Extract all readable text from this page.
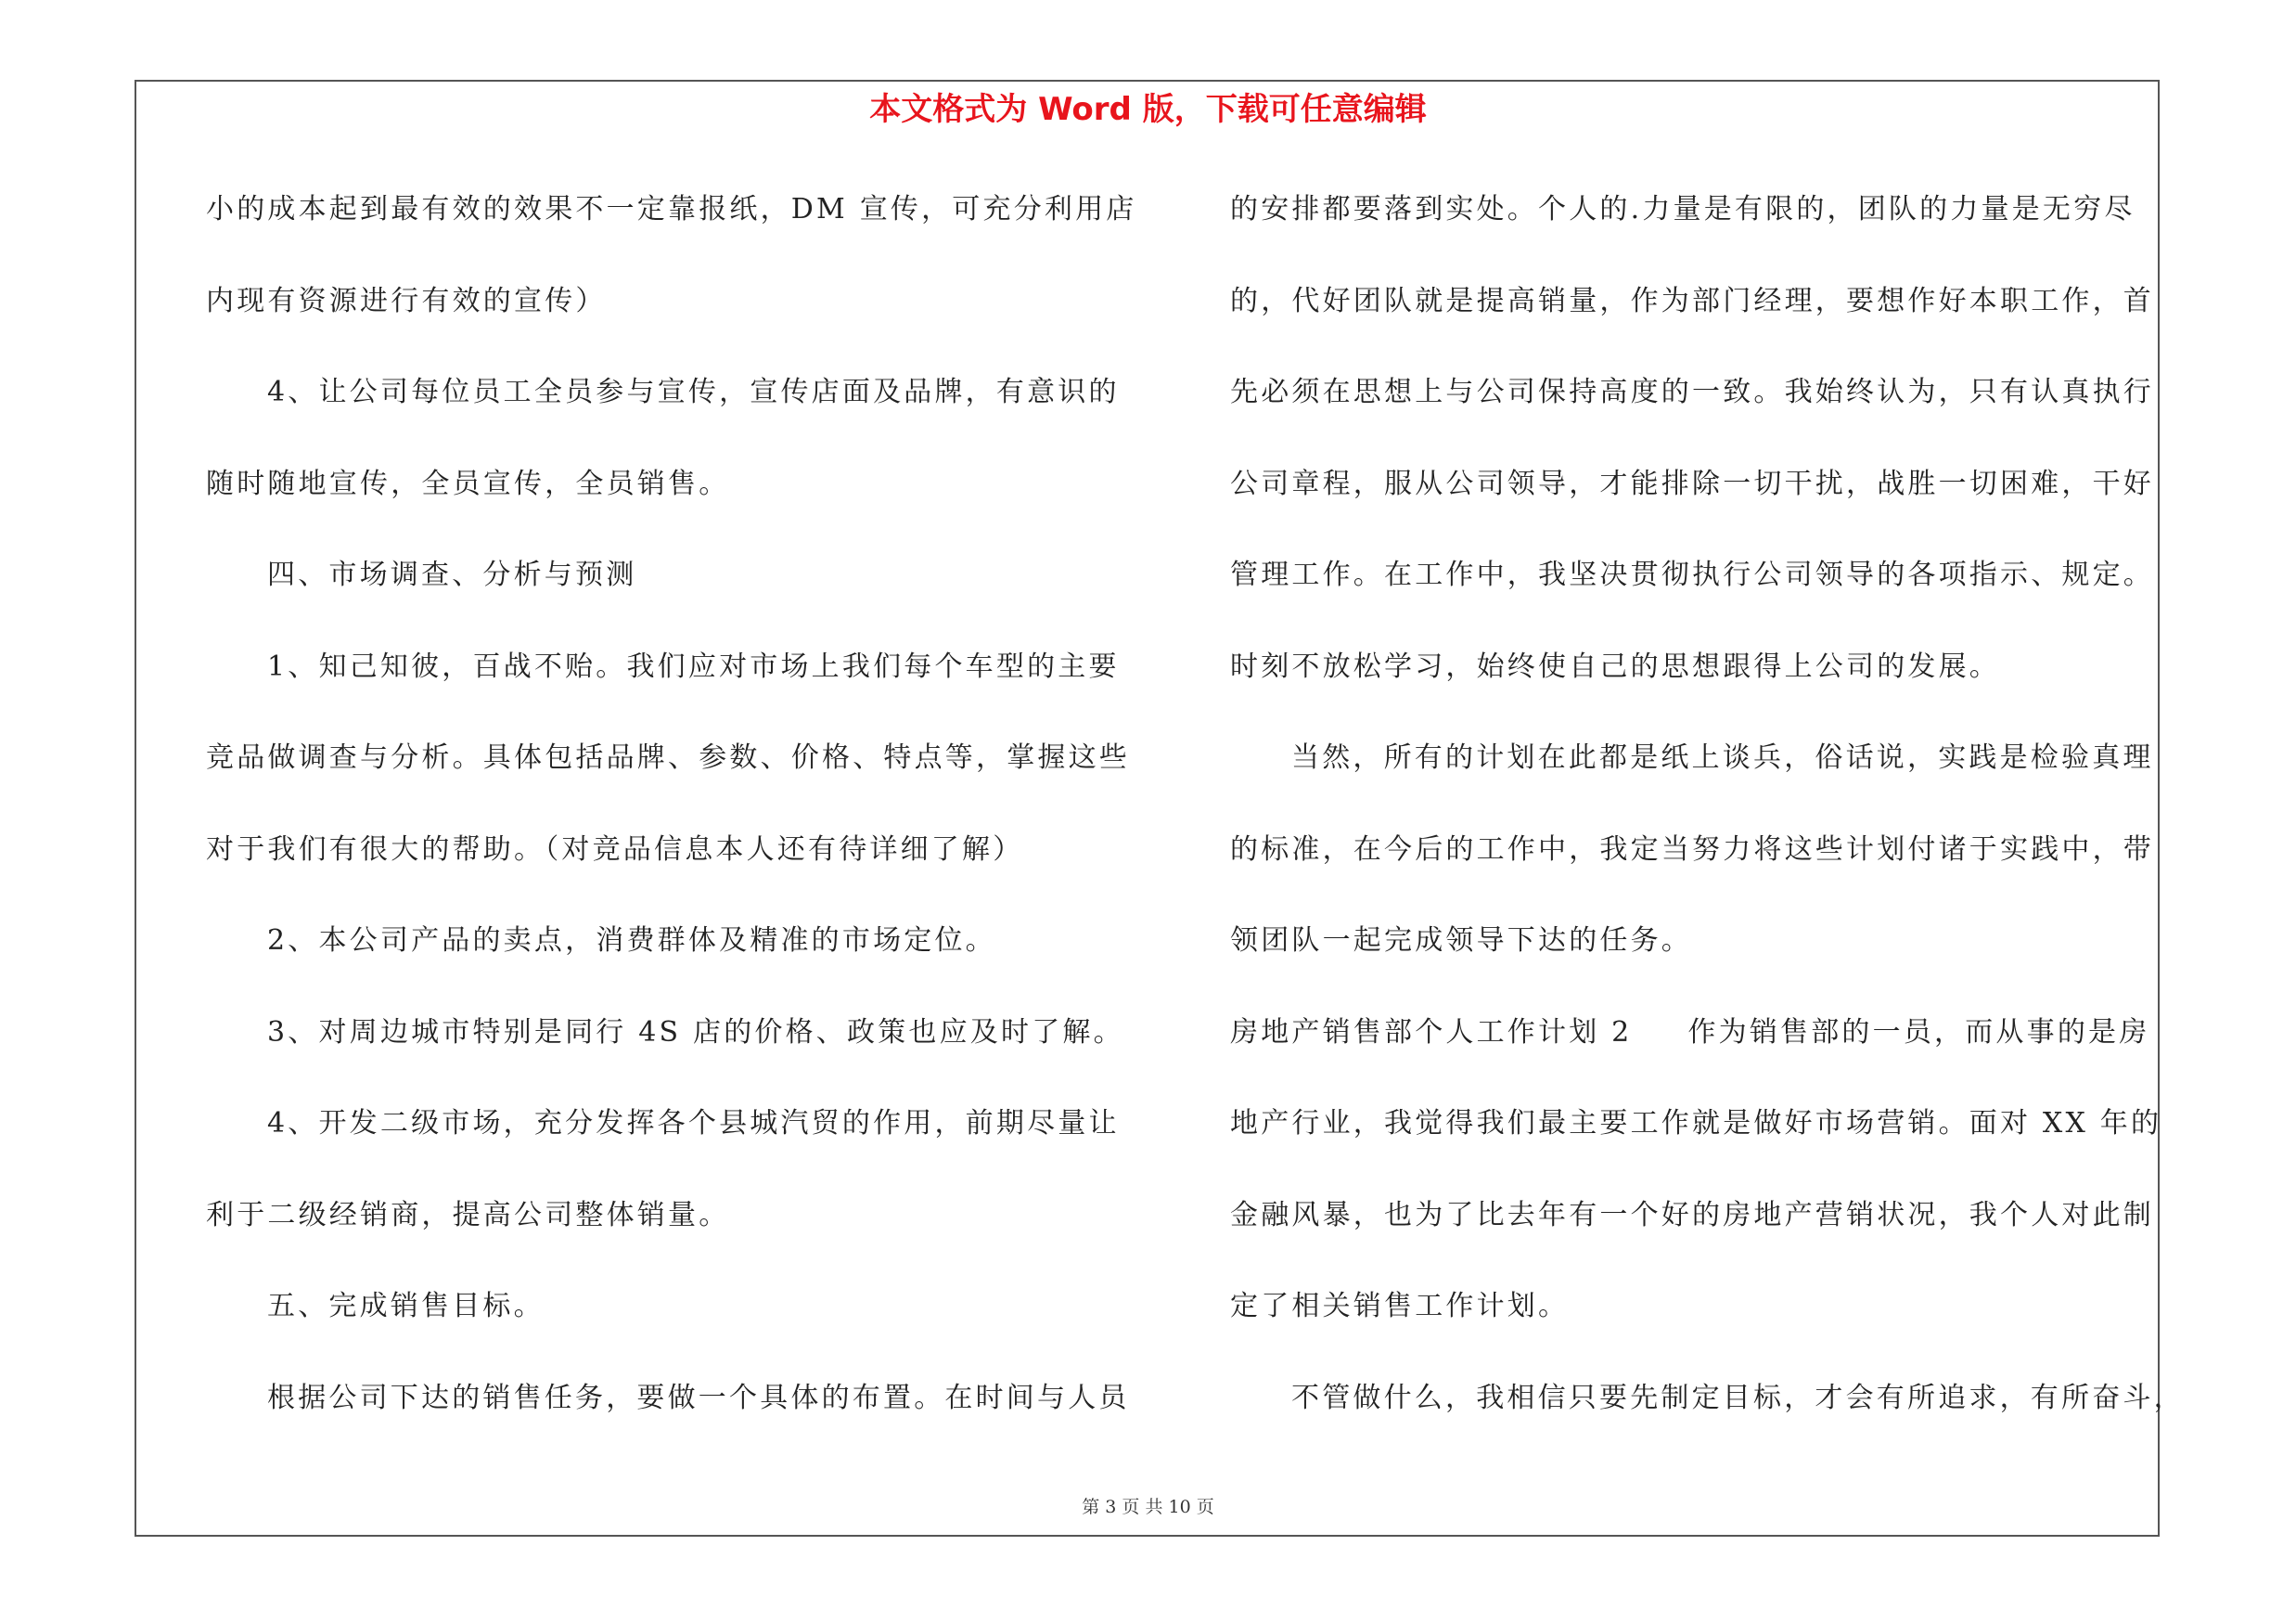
本文格式为 Word 版，下载可任意编辑
小的成本起到最有效的效果不一定靠报纸，DM 宣传，可充分利用店
内现有资源进行有效的宣传）
4、让公司每位员工全员参与宣传，宣传店面及品牌，有意识的
随时随地宣传，全员宣传，全员销售。
四、市场调查、分析与预测
1、知己知彼，百战不贻。我们应对市场上我们每个车型的主要
竞品做调查与分析。具体包括品牌、参数、价格、特点等，掌握这些
对于我们有很大的帮助。（对竞品信息本人还有待详细了解）
2、本公司产品的卖点，消费群体及精准的市场定位。
3、对周边城市特别是同行 4S 店的价格、政策也应及时了解。
4、开发二级市场，充分发挥各个县城汽贸的作用，前期尽量让
利于二级经销商，提高公司整体销量。
五、完成销售目标。
根据公司下达的销售任务，要做一个具体的布置。在时间与人员
的安排都要落到实处。个人的.力量是有限的，团队的力量是无穷尽
的，代好团队就是提高销量，作为部门经理，要想作好本职工作，首
先必须在思想上与公司保持高度的一致。我始终认为，只有认真执行
公司章程，服从公司领导，才能排除一切干扰，战胜一切困难，干好
管理工作。在工作中，我坚决贯彻执行公司领导的各项指示、规定。
时刻不放松学习，始终使自己的思想跟得上公司的发展。
当然，所有的计划在此都是纸上谈兵，俗话说，实践是检验真理
的标准，在今后的工作中，我定当努力将这些计划付诸于实践中，带
领团队一起完成领导下达的任务。
房地产销售部个人工作计划 2 作为销售部的一员，而从事的是房
地产行业，我觉得我们最主要工作就是做好市场营销。面对 XX 年的
金融风暴，也为了比去年有一个好的房地产营销状况，我个人对此制
定了相关销售工作计划。
不管做什么，我相信只要先制定目标，才会有所追求，有所奋斗，
第 3 页 共 10 页
